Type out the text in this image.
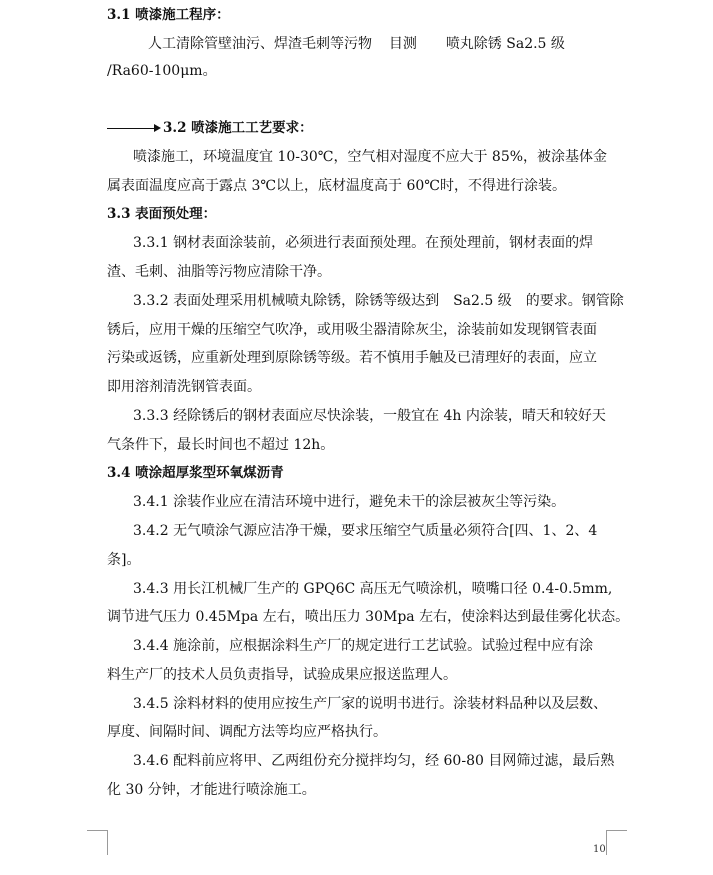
3.1 喷漆施工程序：
人工清除管壁油污、焊渣毛刺等污物 目测 喷丸除锈 Sa2.5 级
/Ra60-100μm。
3.2 喷漆施工工艺要求：
喷漆施工，环境温度宜 10-30℃，空气相对湿度不应大于 85%，被涂基体金
属表面温度应高于露点 3℃以上，底材温度高于 60℃时，不得进行涂装。
3.3 表面预处理：
3.3.1 钢材表面涂装前，必须进行表面预处理。在预处理前，钢材表面的焊
渣、毛刺、油脂等污物应清除干净。
3.3.2 表面处理采用机械喷丸除锈，除锈等级达到　Sa2.5 级　的要求。钢管除
锈后，应用干燥的压缩空气吹净，或用吸尘器清除灰尘，涂装前如发现钢管表面
污染或返锈，应重新处理到原除锈等级。若不慎用手触及已清理好的表面，应立
即用溶剂清洗钢管表面。
3.3.3 经除锈后的钢材表面应尽快涂装，一般宜在 4h 内涂装，晴天和较好天
气条件下，最长时间也不超过 12h。
3.4 喷涂超厚浆型环氧煤沥青
3.4.1 涂装作业应在清洁环境中进行，避免未干的涂层被灰尘等污染。
3.4.2 无气喷涂气源应洁净干燥，要求压缩空气质量必须符合[四、1、2、4
条]。
3.4.3 用长江机械厂生产的 GPQ6C 高压无气喷涂机，喷嘴口径 0.4-0.5mm,
调节进气压力 0.45Mpa 左右，喷出压力 30Mpa 左右，使涂料达到最佳雾化状态。
3.4.4 施涂前，应根据涂料生产厂的规定进行工艺试验。试验过程中应有涂
料生产厂的技术人员负责指导，试验成果应报送监理人。
3.4.5 涂料材料的使用应按生产厂家的说明书进行。涂装材料品种以及层数、
厚度、间隔时间、调配方法等均应严格执行。
3.4.6 配料前应将甲、乙两组份充分搅拌均匀，经 60-80 目网筛过滤，最后熟
化 30 分钟，才能进行喷涂施工。
10
